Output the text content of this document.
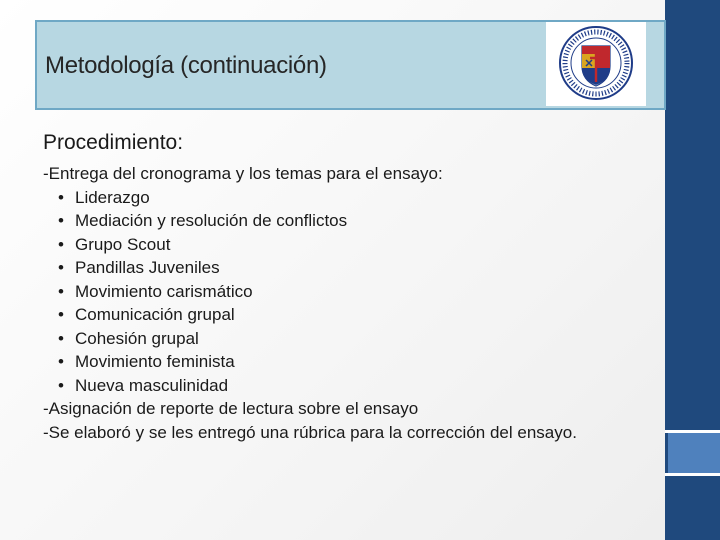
Metodología (continuación)
Procedimiento:

-Entrega del cronograma y los temas para el ensayo:

• Liderazgo
• Mediación y resolución de conflictos
• Grupo Scout
• Pandillas Juveniles
• Movimiento carismático
• Comunicación grupal
• Cohesión grupal
• Movimiento feminista
• Nueva masculinidad

-Asignación de reporte de lectura sobre el ensayo

-Se elaboró y se les entregó una rúbrica para la corrección del ensayo.
